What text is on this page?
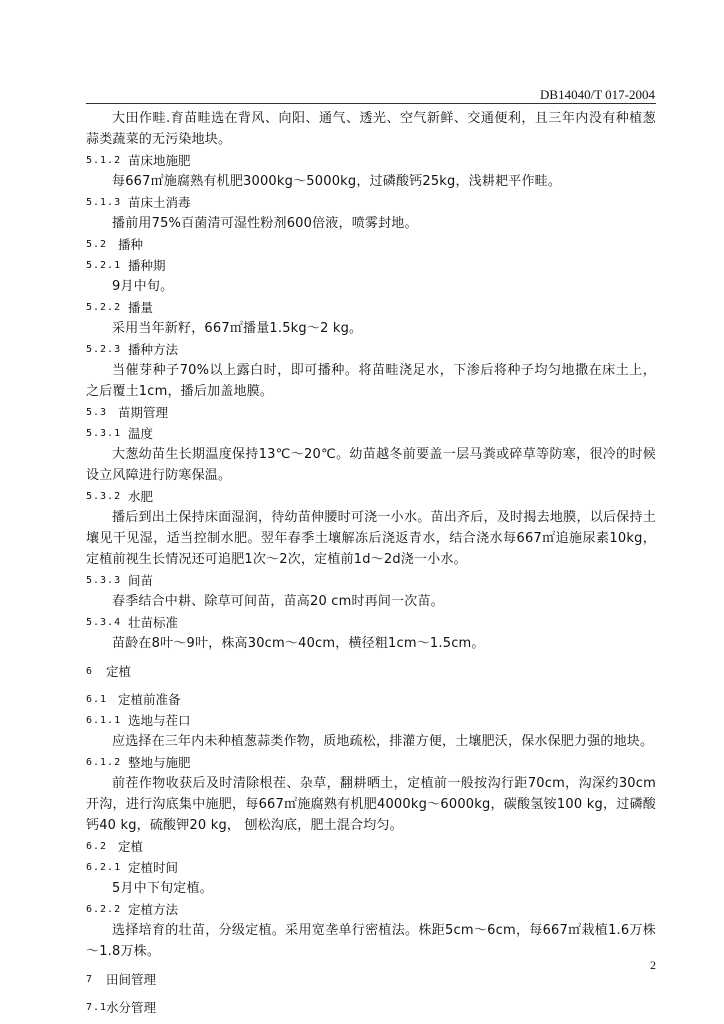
DB14040/T 017-2004

大田作畦.育苗畦选在背风、向阳、通气、透光、空气新鲜、交通便利，且三年内没有种植葱蒜类蔬菜的无污染地块。

5.1.2 苗床地施肥

每667㎡施腐熟有机肥3000kg～5000kg，过磷酸钙25kg，浅耕耙平作畦。

5.1.3 苗床土消毒

播前用75%百菌清可湿性粉剂600倍液，喷雾封地。

5.2 播种
5.2.1 播种期

9月中旬。

5.2.2 播量

采用当年新籽，667㎡播量1.5kg～2 kg。

5.2.3 播种方法

当催芽种子70%以上露白时，即可播种。将苗畦浇足水，下渗后将种子均匀地撒在床土上，之后覆土1cm，播后加盖地膜。

5.3 苗期管理
5.3.1 温度

大葱幼苗生长期温度保持13℃～20℃。幼苗越冬前要盖一层马粪或碎草等防寒，很冷的时候设立风障进行防寒保温。

5.3.2 水肥

播后到出土保持床面湿润，待幼苗伸腰时可浇一小水。苗出齐后，及时揭去地膜，以后保持土壤见干见湿，适当控制水肥。翌年春季土壤解冻后浇返青水，结合浇水每667㎡追施尿素10kg，定植前视生长情况还可追肥1次～2次，定植前1d～2d浇一小水。

5.3.3 间苗

春季结合中耕、除草可间苗，苗高20 cm时再间一次苗。

5.3.4 壮苗标准

苗龄在8叶～9叶，株高30cm～40cm，横径粗1cm～1.5cm。

6	定植
6.1 定植前准备
6.1.1 选地与茬口

应选择在三年内未种植葱蒜类作物，质地疏松，排灌方便，土壤肥沃，保水保肥力强的地块。

6.1.2 整地与施肥

前茬作物收获后及时清除根茬、杂草，翻耕晒土，定植前一般按沟行距70cm，沟深约30cm开沟，进行沟底集中施肥，每667㎡施腐熟有机肥4000kg～6000kg，碳酸氢铵100 kg，过磷酸钙40 kg，硫酸钾20 kg， 刨松沟底，肥土混合均匀。

6.2 定植
6.2.1 定植时间

5月中下旬定植。

6.2.2 定植方法

选择培育的壮苗，分级定植。采用宽垄单行密植法。株距5cm～6cm，每667㎡栽植1.6万株～1.8万株。

7	田间管理
7.1
水分管理
2
